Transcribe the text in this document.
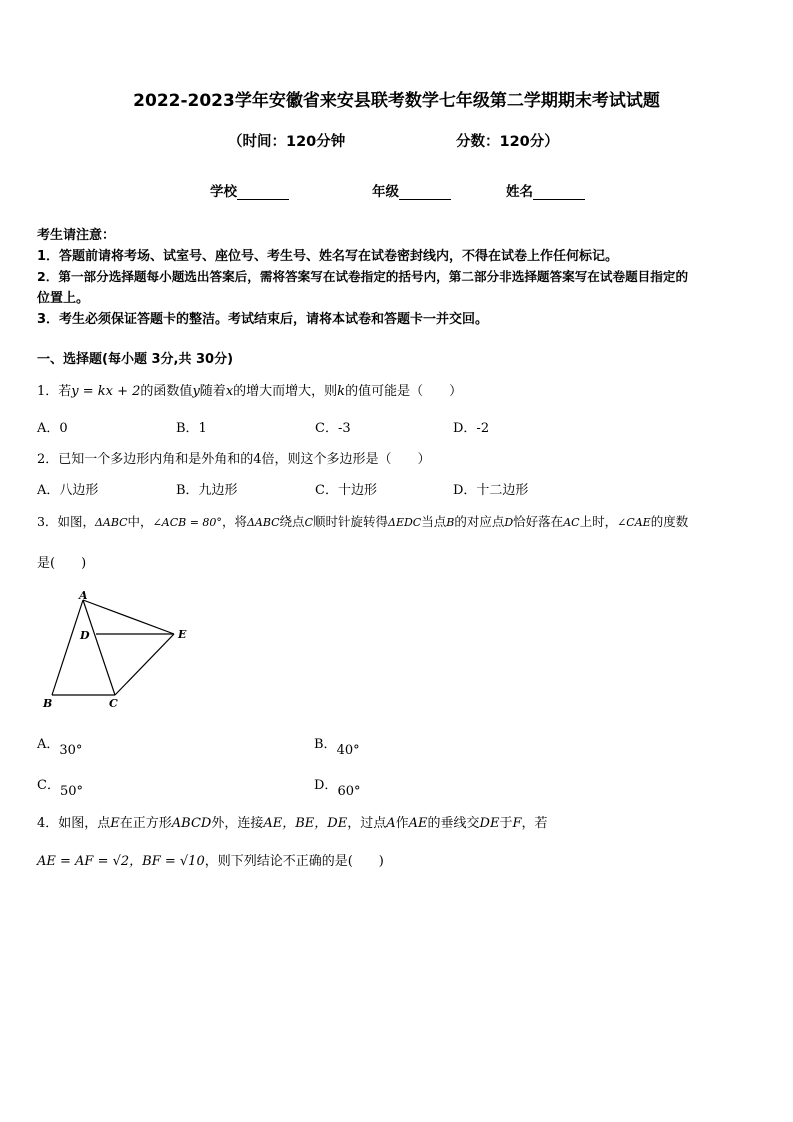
2022-2023学年安徽省来安县联考数学七年级第二学期期末考试试题
（时间：120分钟	分数：120分）
学校	年级	姓名
考生请注意：
1．答题前请将考场、试室号、座位号、考生号、姓名写在试卷密封线内，不得在试卷上作任何标记。
2．第一部分选择题每小题选出答案后，需将答案写在试卷指定的括号内，第二部分非选择题答案写在试卷题目指定的
位置上。
3．考生必须保证答题卡的整洁。考试结束后，请将本试卷和答题卡一并交回。
一、选择题(每小题 3分,共 30分)
1．若y = kx + 2的函数值y随着x的增大而增大，则k的值可能是（　　）
A．0	B．1	C．-3	D．-2
2．已知一个多边形内角和是外角和的4倍，则这个多边形是（　　）
A．八边形	B．九边形	C．十边形	D．十二边形
3．如图，ΔABC中，∠ACB = 80°，将ΔABC绕点C顺时针旋转得ΔEDC当点B的对应点D恰好落在AC上时，∠CAE的度数
是(　　)
A
D	E
B	C
A．30°	B．40°
C．50°	D．60°
4．如图，点E在正方形ABCD外，连接AE，BE，DE，过点A作AE的垂线交DE于F，若
AE = AF = √2，BF = √10，则下列结论不正确的是(　　)
